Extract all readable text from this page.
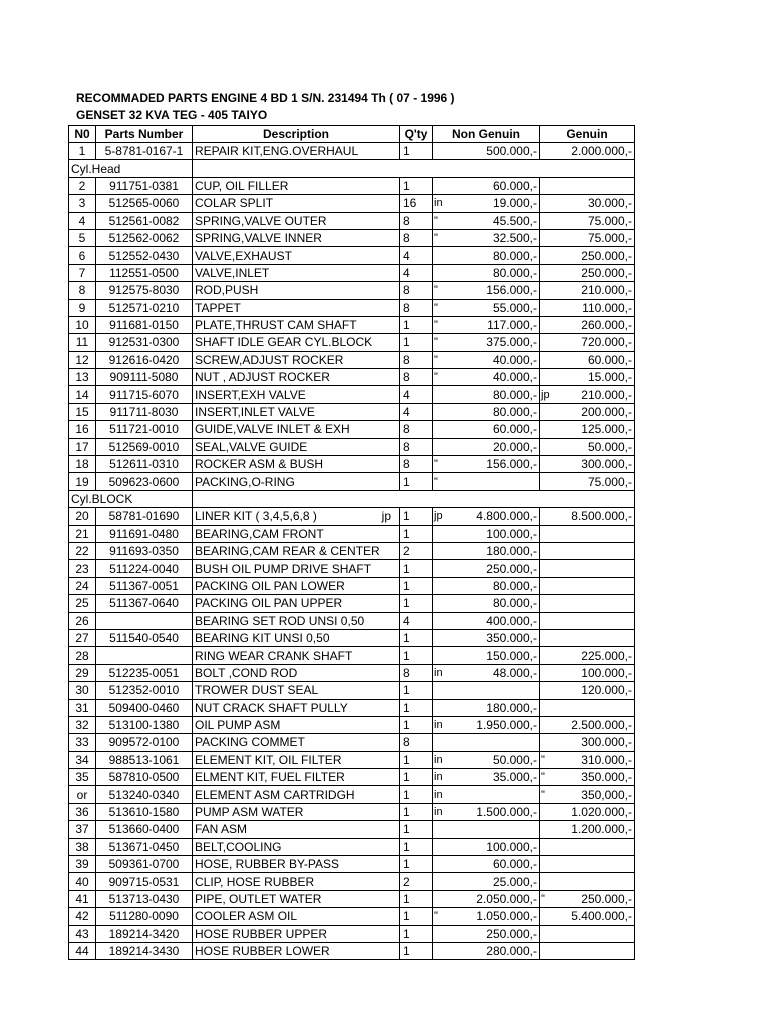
RECOMMADED PARTS ENGINE 4 BD 1 S/N. 231494 Th ( 07 - 1996 )
GENSET 32 KVA TEG - 405 TAIYO
N0	Parts Number	Description	Q'ty	Non Genuin		Genuin	
1	5-8781-0167-1	REPAIR KIT,ENG.OVERHAUL	1		500.000,-		2.000.000,-
Cyl.Head							
2	911751-0381	CUP, OIL FILLER	1		60.000,-		
3	512565-0060	COLAR SPLIT	16	in	19.000,-		30.000,-
4	512561-0082	SPRING,VALVE OUTER	8	"	45.500,-		75.000,-
5	512562-0062	SPRING,VALVE INNER	8	"	32.500,-		75.000,-
6	512552-0430	VALVE,EXHAUST	4		80.000,-		250.000,-
7	112551-0500	VALVE,INLET	4		80.000,-		250.000,-
8	912575-8030	ROD,PUSH	8	"	156.000,-		210.000,-
9	512571-0210	TAPPET	8	"	55.000,-		110.000,-
10	911681-0150	PLATE,THRUST CAM SHAFT	1	"	117.000,-		260.000,-
11	912531-0300	SHAFT IDLE GEAR CYL.BLOCK	1	"	375.000,-		720.000,-
12	912616-0420	SCREW,ADJUST ROCKER	8	"	40.000,-		60.000,-
13	909111-5080	NUT , ADJUST ROCKER	8	"	40.000,-		15.000,-
14	911715-6070	INSERT,EXH VALVE	4		80.000,-	jp	210.000,-
15	911711-8030	INSERT,INLET VALVE	4		80.000,-		200.000,-
16	511721-0010	GUIDE,VALVE INLET & EXH	8		60.000,-		125.000,-
17	512569-0010	SEAL,VALVE GUIDE	8		20.000,-		50.000,-
18	512611-0310	ROCKER ASM & BUSH	8	"	156.000,-		300.000,-
19	509623-0600	PACKING,O-RING	1	"			75.000,-
Cyl.BLOCK							
20	58781-01690	LINER KIT ( 3,4,5,6,8 ) jp	1	jp	4.800.000,-		8.500.000,-
21	911691-0480	BEARING,CAM FRONT	1		100.000,-		
22	911693-0350	BEARING,CAM REAR & CENTER	2		180.000,-		
23	511224-0040	BUSH OIL PUMP DRIVE SHAFT	1		250.000,-		
24	511367-0051	PACKING OIL PAN LOWER	1		80.000,-		
25	511367-0640	PACKING OIL PAN UPPER	1		80.000,-		
26		BEARING SET ROD UNSI 0,50	4		400.000,-		
27	511540-0540	BEARING KIT UNSI 0,50	1		350.000,-		
28		RING WEAR CRANK SHAFT	1		150.000,-		225.000,-
29	512235-0051	BOLT ,COND ROD	8	in	48.000,-		100.000,-
30	512352-0010	TROWER DUST SEAL	1				120.000,-
31	509400-0460	NUT CRACK SHAFT PULLY	1		180.000,-		
32	513100-1380	OIL PUMP ASM	1	in	1.950.000,-		2.500.000,-
33	909572-0100	PACKING COMMET	8				300.000,-
34	988513-1061	ELEMENT KIT, OIL FILTER	1	in	50.000,-	"	310.000,-
35	587810-0500	ELMENT KIT, FUEL FILTER	1	in	35.000,-	"	350.000,-
or	513240-0340	ELEMENT ASM CARTRIDGH	1	in		"	350,000,-
36	513610-1580	PUMP ASM WATER	1	in	1.500.000,-		1.020.000,-
37	513660-0400	FAN ASM	1				1.200.000,-
38	513671-0450	BELT,COOLING	1		100.000,-		
39	509361-0700	HOSE, RUBBER BY-PASS	1		60.000,-		
40	909715-0531	CLIP, HOSE RUBBER	2		25.000,-		
41	513713-0430	PIPE, OUTLET WATER	1		2.050.000,-	"	250.000,-
42	511280-0090	COOLER ASM OIL	1	"	1.050.000,-		5.400.000,-
43	189214-3420	HOSE RUBBER UPPER	1		250.000,-		
44	189214-3430	HOSE RUBBER LOWER	1		280.000,-		
